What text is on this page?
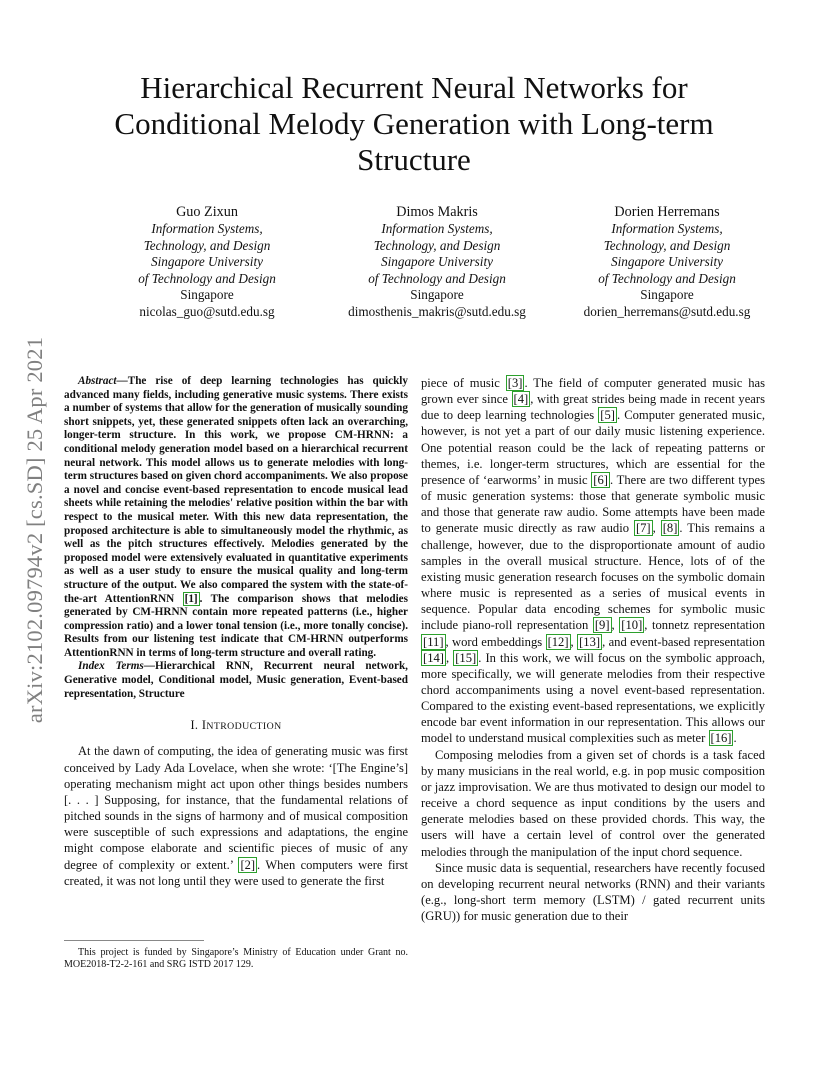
arXiv:2102.09794v2 [cs.SD] 25 Apr 2021
Hierarchical Recurrent Neural Networks for Conditional Melody Generation with Long-term Structure
Guo Zixun
Information Systems,
Technology, and Design
Singapore University
of Technology and Design
Singapore
nicolas_guo@sutd.edu.sg
Dimos Makris
Information Systems,
Technology, and Design
Singapore University
of Technology and Design
Singapore
dimosthenis_makris@sutd.edu.sg
Dorien Herremans
Information Systems,
Technology, and Design
Singapore University
of Technology and Design
Singapore
dorien_herremans@sutd.edu.sg

Abstract—The rise of deep learning technologies has quickly advanced many fields, including generative music systems. There exists a number of systems that allow for the generation of musically sounding short snippets, yet, these generated snippets often lack an overarching, longer-term structure. In this work, we propose CM-HRNN: a conditional melody generation model based on a hierarchical recurrent neural network. This model allows us to generate melodies with long-term structures based on given chord accompaniments. We also propose a novel and concise event-based representation to encode musical lead sheets while retaining the melodies' relative position within the bar with respect to the musical meter. With this new data representation, the proposed architecture is able to simultaneously model the rhythmic, as well as the pitch structures effectively. Melodies generated by the proposed model were extensively evaluated in quantitative experiments as well as a user study to ensure the musical quality and long-term structure of the output. We also compared the system with the state-of-the-art AttentionRNN [1] . The comparison shows that melodies generated by CM-HRNN contain more repeated patterns (i.e., higher compression ratio) and a lower tonal tension (i.e., more tonally concise). Results from our listening test indicate that CM-HRNN outperforms AttentionRNN in terms of long-term structure and overall rating.

Index Terms—Hierarchical RNN, Recurrent neural network, Generative model, Conditional model, Music generation, Event-based representation, Structure

I. INTRODUCTION

At the dawn of computing, the idea of generating music was first conceived by Lady Ada Lovelace, when she wrote: ‘[The Engine’s] operating mechanism might act upon other things besides numbers [. . . ] Supposing, for instance, that the fundamental relations of pitched sounds in the signs of harmony and of musical composition were susceptible of such expressions and adaptations, the engine might compose elaborate and scientific pieces of music of any degree of complexity or extent.’ [2] . When computers were first created, it was not long until they were used to generate the first

This project is funded by Singapore’s Ministry of Education under Grant no. MOE2018-T2-2-161 and SRG ISTD 2017 129.

piece of music [3] . The field of computer generated music has grown ever since [4] , with great strides being made in recent years due to deep learning technologies [5] . Computer generated music, however, is not yet a part of our daily music listening experience. One potential reason could be the lack of repeating patterns or themes, i.e. longer-term structures, which are essential for the presence of ‘earworms’ in music [6] . There are two different types of music generation systems: those that generate symbolic music and those that generate raw audio. Some attempts have been made to generate music directly as raw audio [7] , [8] . This remains a challenge, however, due to the disproportionate amount of audio samples in the overall musical structure. Hence, lots of of the existing music generation research focuses on the symbolic domain where music is represented as a series of musical events in sequence. Popular data encoding schemes for symbolic music include piano-roll representation [9] , [10] , tonnetz representation [11] , word embeddings [12] , [13] , and event-based representation [14] , [15] . In this work, we will focus on the symbolic approach, more specifically, we will generate melodies from their respective chord accompaniments using a novel event-based representation. Compared to the existing event-based representations, we explicitly encode bar event information in our representation. This allows our model to understand musical complexities such as meter [16] .

Composing melodies from a given set of chords is a task faced by many musicians in the real world, e.g. in pop music composition or jazz improvisation. We are thus motivated to design our model to receive a chord sequence as input conditions by the users and generate melodies based on these provided chords. This way, the users will have a certain level of control over the generated melodies through the manipulation of the input chord sequence.

Since music data is sequential, researchers have recently focused on developing recurrent neural networks (RNN) and their variants (e.g., long-short term memory (LSTM) / gated recurrent units (GRU)) for music generation due to their
